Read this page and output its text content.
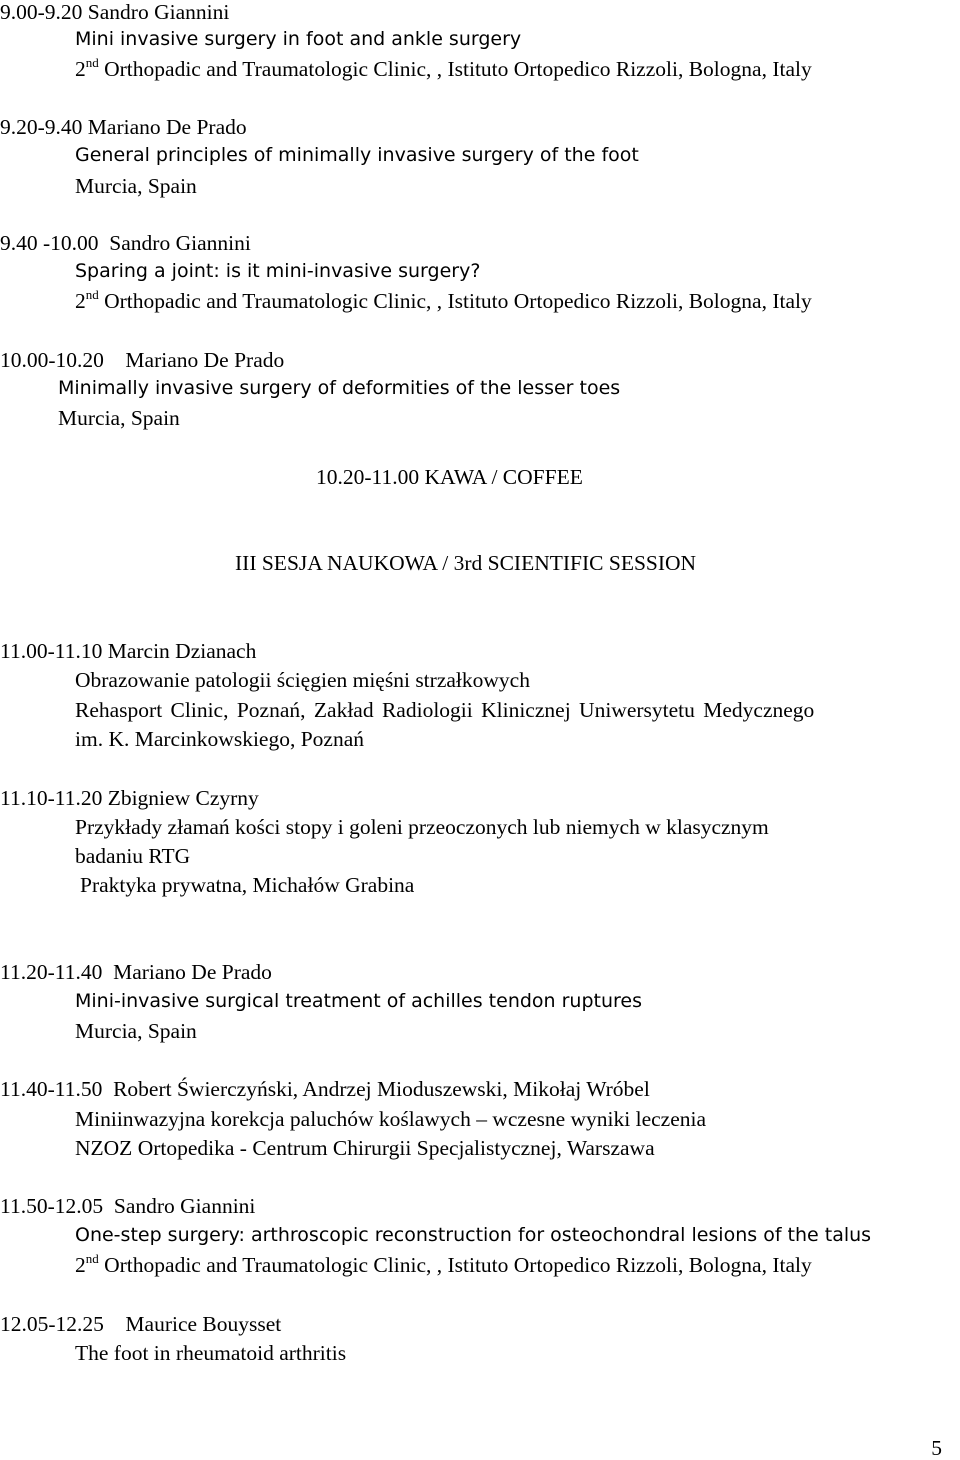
9.00-9.20 Sandro Giannini
Mini invasive surgery in foot and ankle surgery
2nd Orthopadic and Traumatologic Clinic, , Istituto Ortopedico Rizzoli, Bologna, Italy
9.20-9.40 Mariano De Prado
General principles of minimally invasive surgery of the foot
Murcia, Spain
9.40 -10.00 Sandro Giannini
Sparing a joint: is it mini-invasive surgery?
2nd Orthopadic and Traumatologic Clinic, , Istituto Ortopedico Rizzoli, Bologna, Italy
10.00-10.20 Mariano De Prado
Minimally invasive surgery of deformities of the lesser toes
Murcia, Spain
10.20-11.00 KAWA / COFFEE
III SESJA NAUKOWA / 3rd SCIENTIFIC SESSION
11.00-11.10 Marcin Dzianach
Obrazowanie patologii ścięgien mięśni strzałkowych
Rehasport Clinic, Poznań, Zakład Radiologii Klinicznej Uniwersytetu Medycznego
im. K. Marcinkowskiego, Poznań
11.10-11.20 Zbigniew Czyrny
Przykłady złamań kości stopy i goleni przeoczonych lub niemych w klasycznym
badaniu RTG
Praktyka prywatna, Michałów Grabina
11.20-11.40 Mariano De Prado
Mini-invasive surgical treatment of achilles tendon ruptures
Murcia, Spain
11.40-11.50 Robert Świerczyński, Andrzej Mioduszewski, Mikołaj Wróbel
Miniinwazyjna korekcja paluchów koślawych – wczesne wyniki leczenia
NZOZ Ortopedika - Centrum Chirurgii Specjalistycznej, Warszawa
11.50-12.05 Sandro Giannini
One-step surgery: arthroscopic reconstruction for osteochondral lesions of the talus
2nd Orthopadic and Traumatologic Clinic, , Istituto Ortopedico Rizzoli, Bologna, Italy
12.05-12.25 Maurice Bouysset
The foot in rheumatoid arthritis
5
